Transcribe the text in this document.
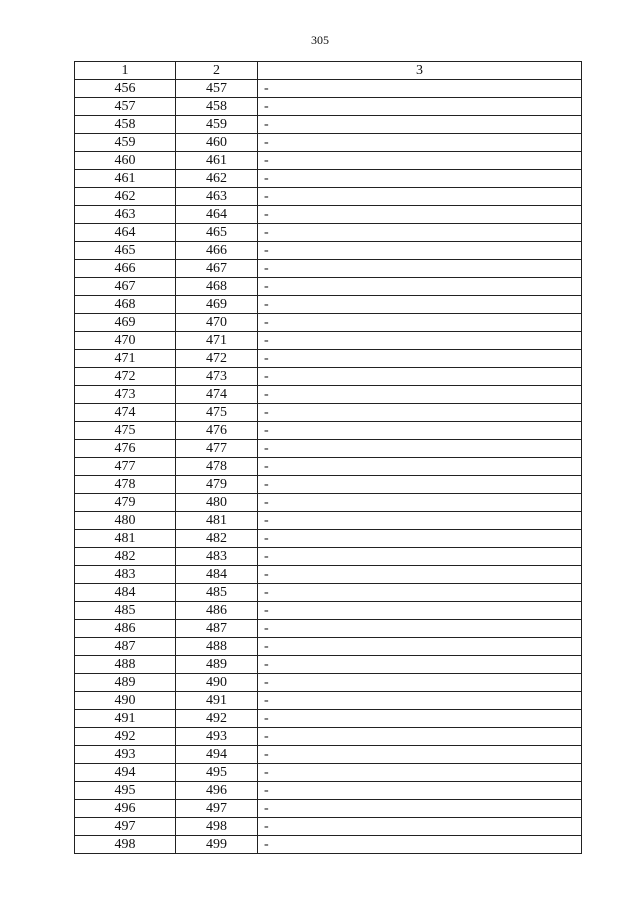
305
1	2	3
456	457	-
457	458	-
458	459	-
459	460	-
460	461	-
461	462	-
462	463	-
463	464	-
464	465	-
465	466	-
466	467	-
467	468	-
468	469	-
469	470	-
470	471	-
471	472	-
472	473	-
473	474	-
474	475	-
475	476	-
476	477	-
477	478	-
478	479	-
479	480	-
480	481	-
481	482	-
482	483	-
483	484	-
484	485	-
485	486	-
486	487	-
487	488	-
488	489	-
489	490	-
490	491	-
491	492	-
492	493	-
493	494	-
494	495	-
495	496	-
496	497	-
497	498	-
498	499	-
